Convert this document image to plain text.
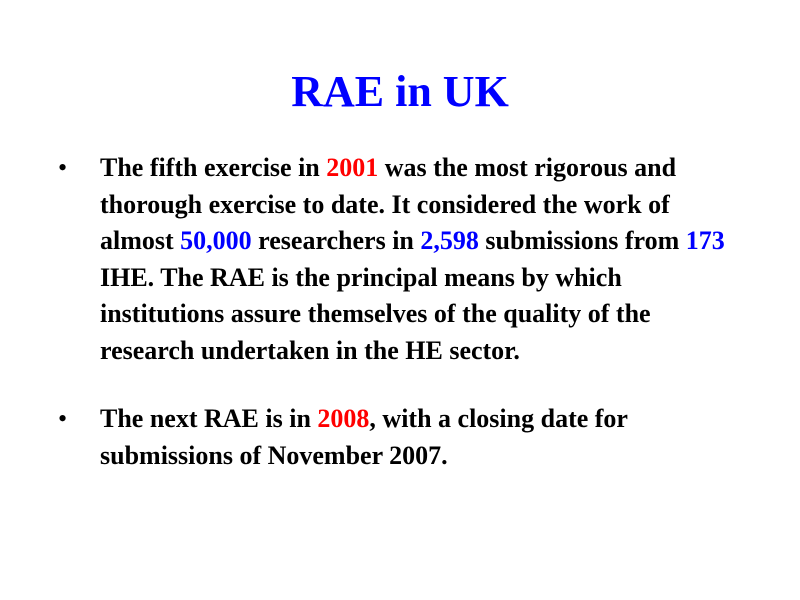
RAE in UK
• The fifth exercise in 2001 was the most rigorous and thorough exercise to date. It considered the work of almost 50,000 researchers in 2,598 submissions from 173 IHE. The RAE is the principal means by which institutions assure themselves of the quality of the research undertaken in the HE sector.
• The next RAE is in 2008, with a closing date for submissions of November 2007.
